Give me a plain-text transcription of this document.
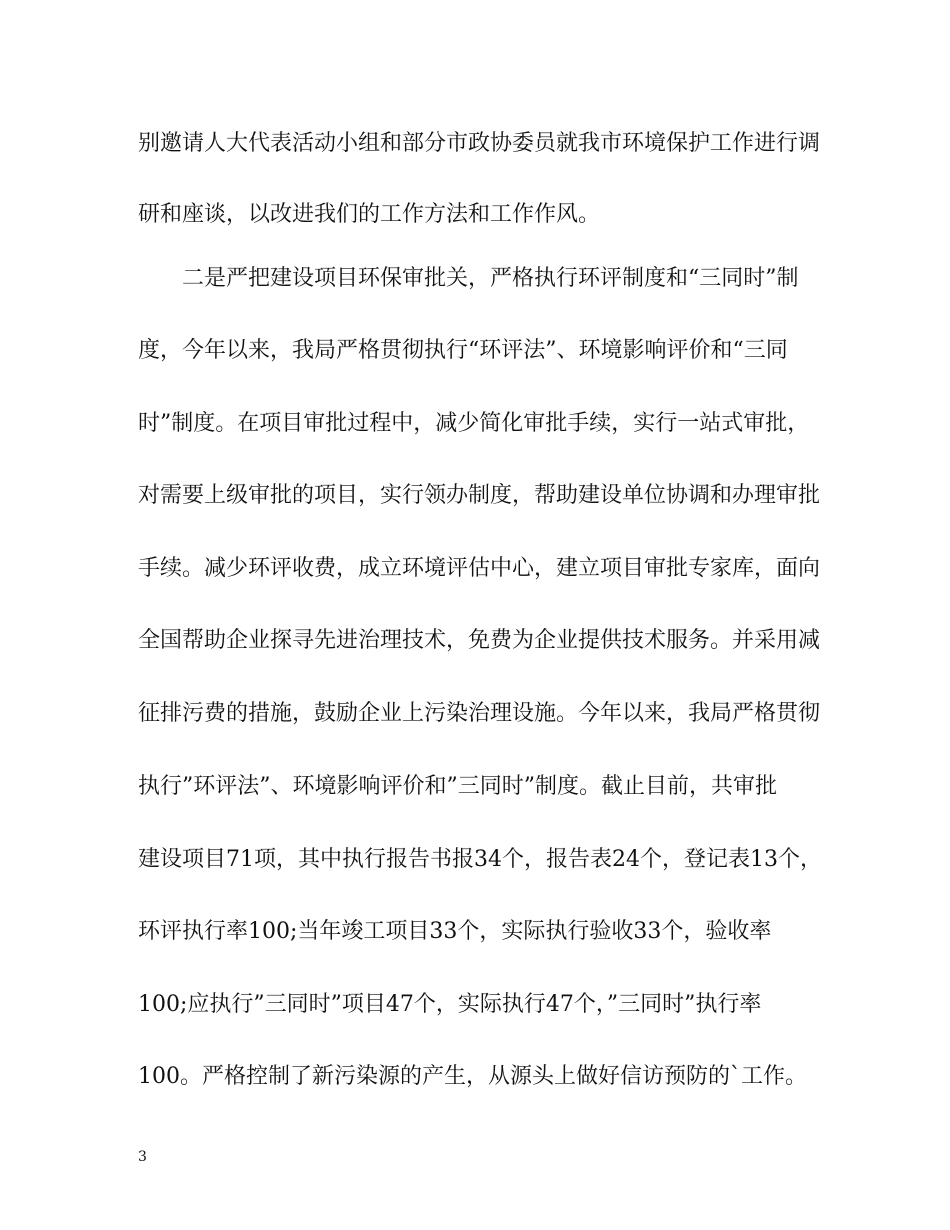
别邀请人大代表活动小组和部分市政协委员就我市环境保护工作进行调
研和座谈，以改进我们的工作方法和工作作风。
二是严把建设项目环保审批关，严格执行环评制度和“三同时”制
度，今年以来，我局严格贯彻执行“环评法”、环境影响评价和“三同
时”制度。在项目审批过程中，减少简化审批手续，实行一站式审批，
对需要上级审批的项目，实行领办制度，帮助建设单位协调和办理审批
手续。减少环评收费，成立环境评估中心，建立项目审批专家库，面向
全国帮助企业探寻先进治理技术，免费为企业提供技术服务。并采用减
征排污费的措施，鼓励企业上污染治理设施。今年以来，我局严格贯彻
执行”环评法”、环境影响评价和”三同时”制度。截止目前，共审批
建设项目71项，其中执行报告书报34个，报告表24个，登记表13个，
环评执行率100;当年竣工项目33个，实际执行验收33个，验收率
100;应执行”三同时”项目47个，实际执行47个，”三同时”执行率
100。严格控制了新污染源的产生，从源头上做好信访预防的`工作。
3
